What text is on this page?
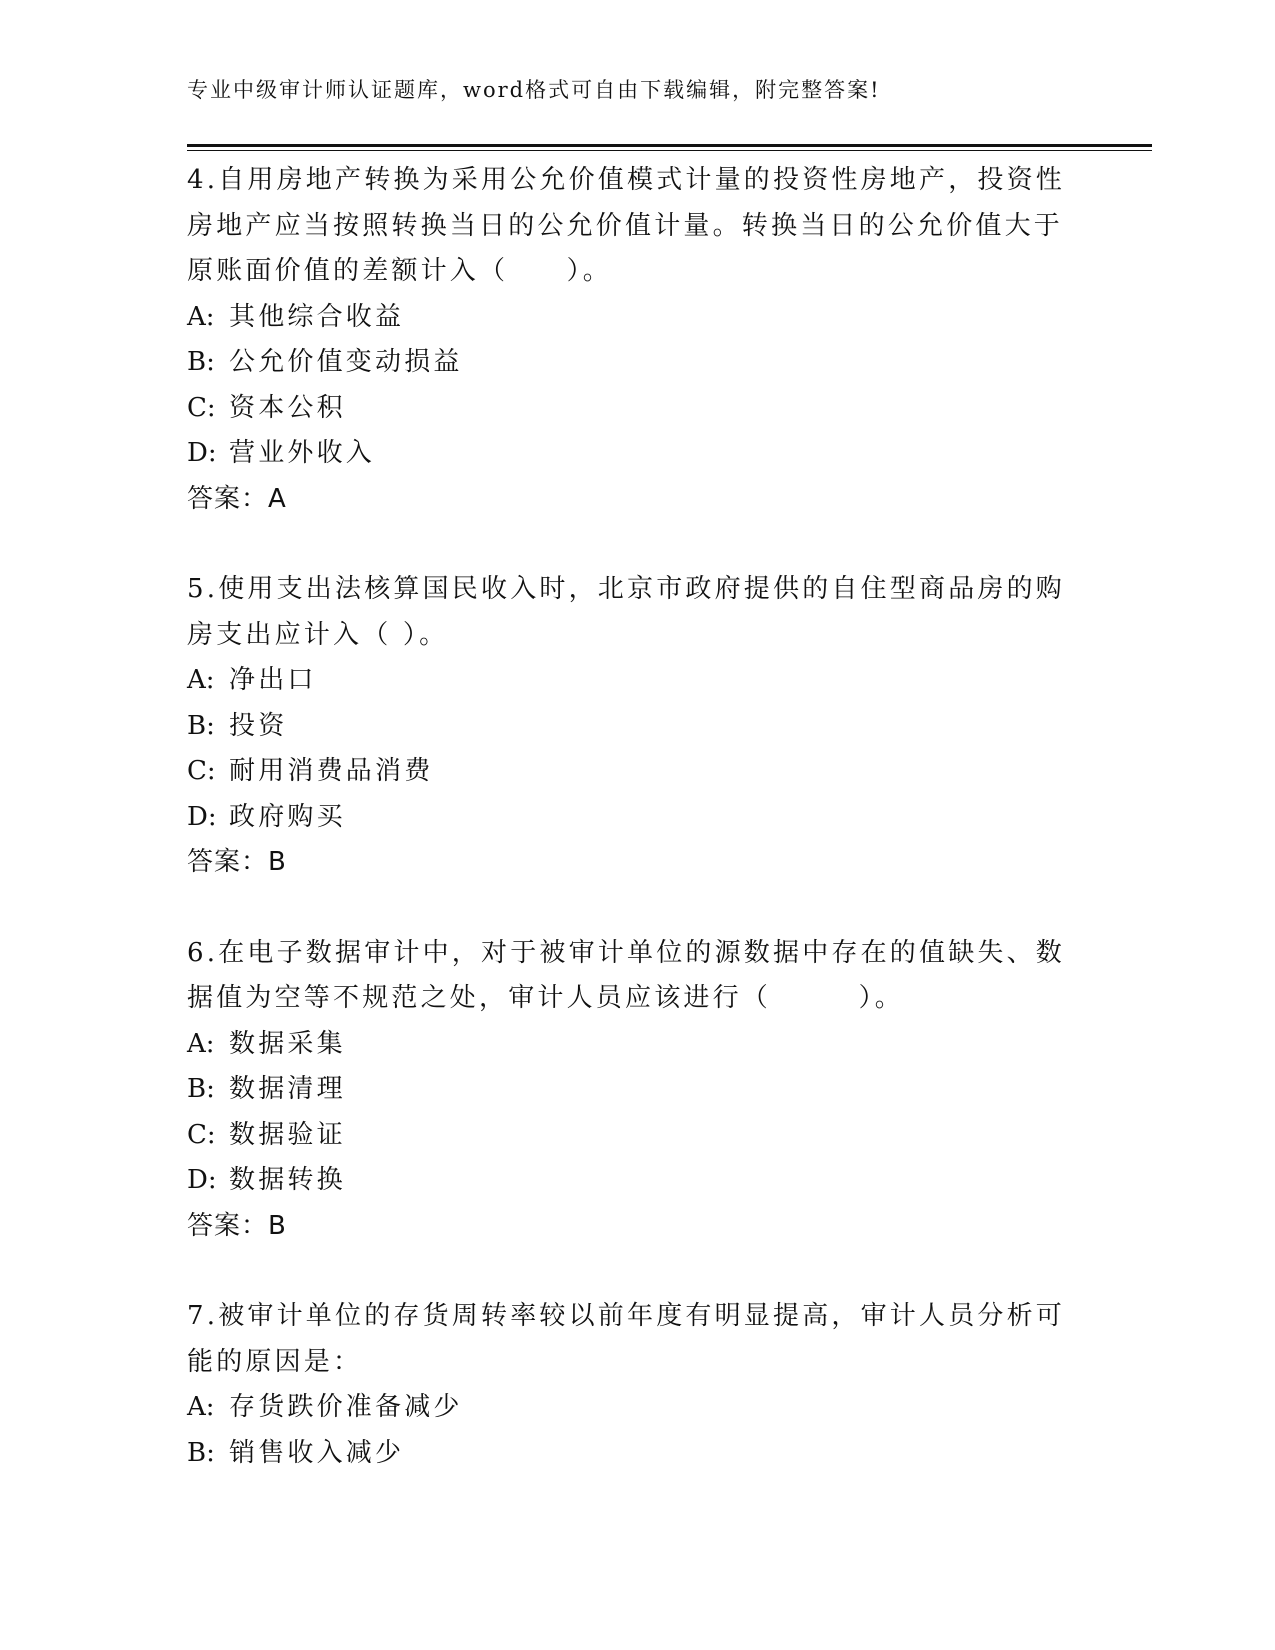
专业中级审计师认证题库，word格式可自由下载编辑，附完整答案!

4.自用房地产转换为采用公允价值模式计量的投资性房地产，投资性房地产应当按照转换当日的公允价值计量。转换当日的公允价值大于原账面价值的差额计入（　　）。

A: 其他综合收益

B: 公允价值变动损益

C: 资本公积

D: 营业外收入

答案：A

5.使用支出法核算国民收入时，北京市政府提供的自住型商品房的购房支出应计入（ ）。

A: 净出口

B: 投资

C: 耐用消费品消费

D: 政府购买

答案：B

6.在电子数据审计中，对于被审计单位的源数据中存在的值缺失、数据值为空等不规范之处，审计人员应该进行（　　　）。

A: 数据采集

B: 数据清理

C: 数据验证

D: 数据转换

答案：B

7.被审计单位的存货周转率较以前年度有明显提高，审计人员分析可能的原因是：

A: 存货跌价准备减少

B: 销售收入减少
